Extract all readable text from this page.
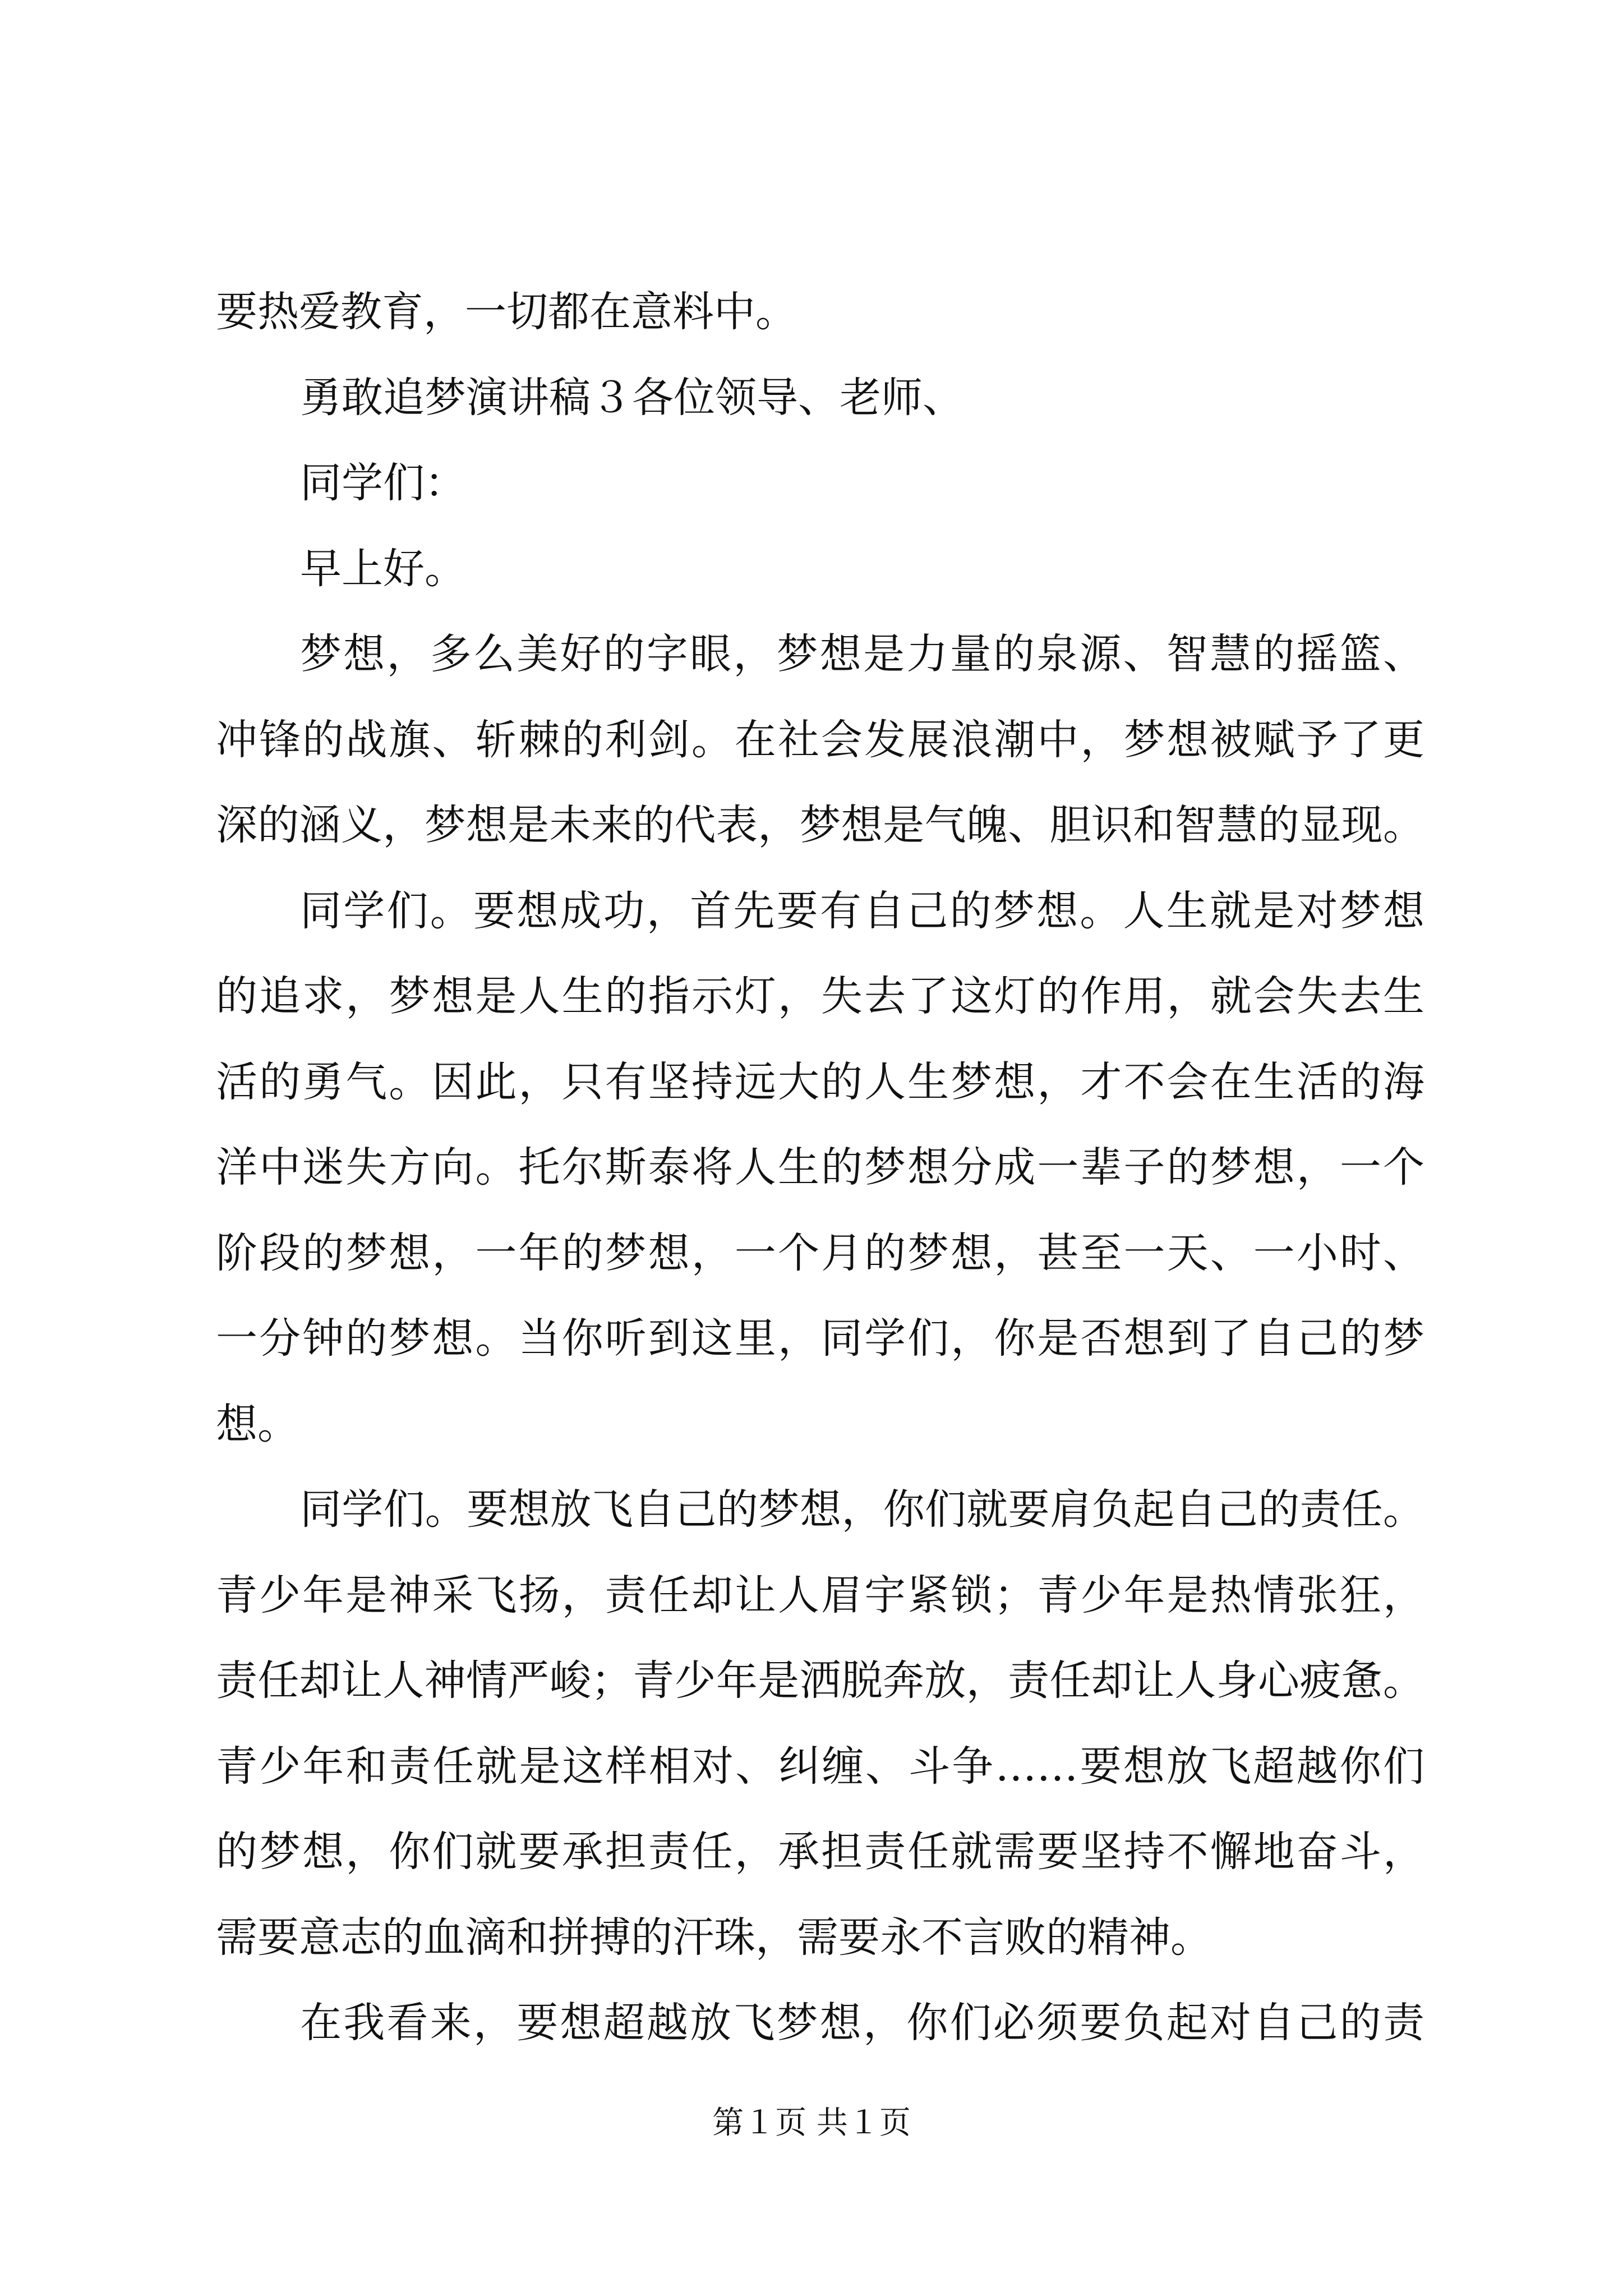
要热爱教育，一切都在意料中。
勇敢追梦演讲稿３各位领导、老师、
同学们：
早上好。
梦想，多么美好的字眼，梦想是力量的泉源、智慧的摇篮、
冲锋的战旗、斩棘的利剑。在社会发展浪潮中，梦想被赋予了更
深的涵义，梦想是未来的代表，梦想是气魄、胆识和智慧的显现。
同学们。要想成功，首先要有自己的梦想。人生就是对梦想
的追求，梦想是人生的指示灯，失去了这灯的作用，就会失去生
活的勇气。因此，只有坚持远大的人生梦想，才不会在生活的海
洋中迷失方向。托尔斯泰将人生的梦想分成一辈子的梦想，一个
阶段的梦想，一年的梦想，一个月的梦想，甚至一天、一小时、
一分钟的梦想。当你听到这里，同学们，你是否想到了自己的梦
想。
同学们。要想放飞自己的梦想，你们就要肩负起自己的责任。
青少年是神采飞扬，责任却让人眉宇紧锁；青少年是热情张狂，
责任却让人神情严峻；青少年是洒脱奔放，责任却让人身心疲惫。
青少年和责任就是这样相对、纠缠、斗争……要想放飞超越你们
的梦想，你们就要承担责任，承担责任就需要坚持不懈地奋斗，
需要意志的血滴和拼搏的汗珠，需要永不言败的精神。
在我看来，要想超越放飞梦想，你们必须要负起对自己的责
第１页 共１页
